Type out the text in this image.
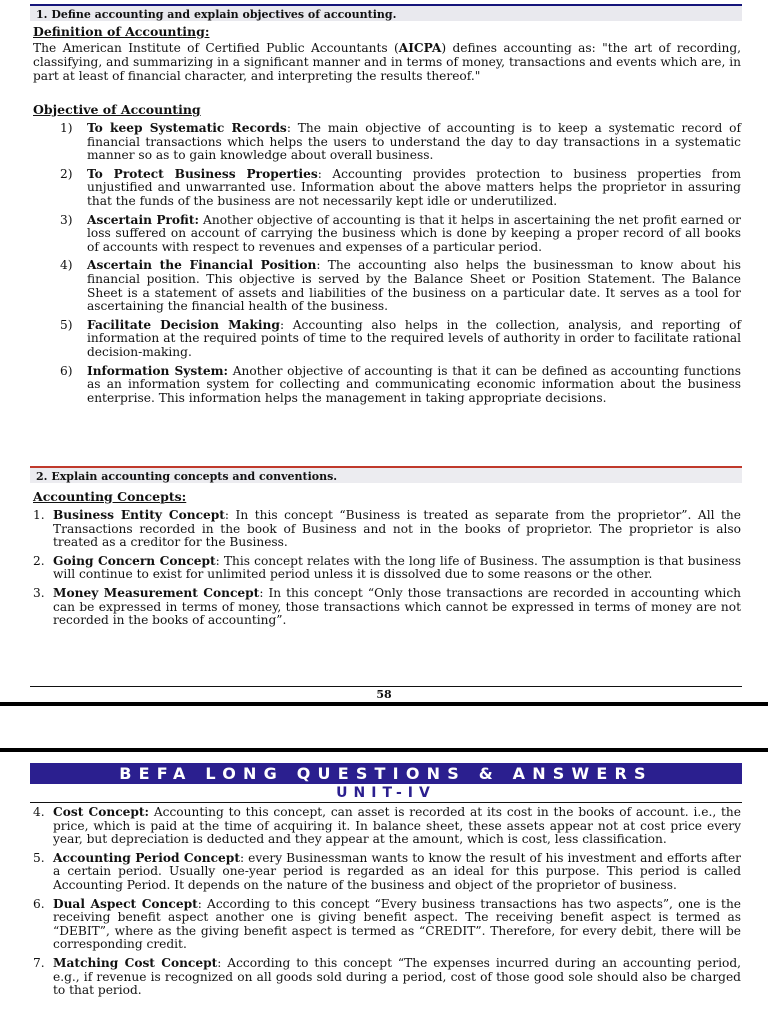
1. Define accounting and explain objectives of accounting.
Definition of Accounting:

The American Institute of Certified Public Accountants (AICPA) defines accounting as: "the art of recording, classifying, and summarizing in a significant manner and in terms of money, transactions and events which are, in part at least of financial character, and interpreting the results thereof."

Objective of Accounting
1) To keep Systematic Records: The main objective of accounting is to keep a systematic record of financial transactions which helps the users to understand the day to day transactions in a systematic manner so as to gain knowledge about overall business.
2) To Protect Business Properties: Accounting provides protection to business properties from unjustified and unwarranted use. Information about the above matters helps the proprietor in assuring that the funds of the business are not necessarily kept idle or underutilized.
3) Ascertain Profit: Another objective of accounting is that it helps in ascertaining the net profit earned or loss suffered on account of carrying the business which is done by keeping a proper record of all books of accounts with respect to revenues and expenses of a particular period.
4) Ascertain the Financial Position: The accounting also helps the businessman to know about his financial position. This objective is served by the Balance Sheet or Position Statement. The Balance Sheet is a statement of assets and liabilities of the business on a particular date. It serves as a tool for ascertaining the financial health of the business.
5) Facilitate Decision Making: Accounting also helps in the collection, analysis, and reporting of information at the required points of time to the required levels of authority in order to facilitate rational decision-making.
6) Information System: Another objective of accounting is that it can be defined as accounting functions as an information system for collecting and communicating economic information about the business enterprise. This information helps the management in taking appropriate decisions.
2. Explain accounting concepts and conventions.
Accounting Concepts:
1. Business Entity Concept: In this concept “Business is treated as separate from the proprietor”. All the Transactions recorded in the book of Business and not in the books of proprietor. The proprietor is also treated as a creditor for the Business.
2. Going Concern Concept: This concept relates with the long life of Business. The assumption is that business will continue to exist for unlimited period unless it is dissolved due to some reasons or the other.
3. Money Measurement Concept: In this concept “Only those transactions are recorded in accounting which can be expressed in terms of money, those transactions which cannot be expressed in terms of money are not recorded in the books of accounting”.
58
BEFA LONG QUESTIONS & ANSWERS
UNIT-IV
4. Cost Concept: Accounting to this concept, can asset is recorded at its cost in the books of account. i.e., the price, which is paid at the time of acquiring it. In balance sheet, these assets appear not at cost price every year, but depreciation is deducted and they appear at the amount, which is cost, less classification.
5. Accounting Period Concept: every Businessman wants to know the result of his investment and efforts after a certain period. Usually one-year period is regarded as an ideal for this purpose. This period is called Accounting Period. It depends on the nature of the business and object of the proprietor of business.
6. Dual Aspect Concept: According to this concept “Every business transactions has two aspects”, one is the receiving benefit aspect another one is giving benefit aspect. The receiving benefit aspect is termed as “DEBIT”, where as the giving benefit aspect is termed as “CREDIT”. Therefore, for every debit, there will be corresponding credit.
7. Matching Cost Concept: According to this concept “The expenses incurred during an accounting period, e.g., if revenue is recognized on all goods sold during a period, cost of those good sole should also be charged to that period.
